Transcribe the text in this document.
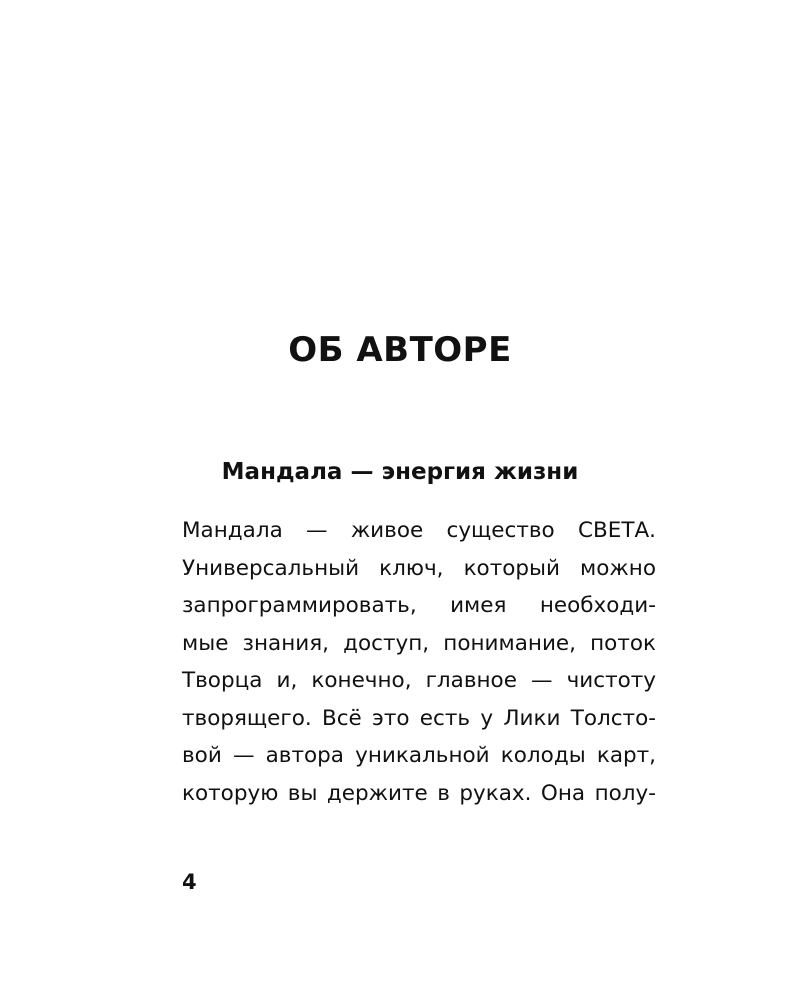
ОБ АВТОРЕ
Мандала — энергия жизни
Мандала — живое существо СВЕТА.
Универсальный ключ, который можно
запрограммировать, имея необходи-
мые знания, доступ, понимание, поток
Творца и, конечно, главное — чистоту
творящего. Всё это есть у Лики Толсто-
вой — автора уникальной колоды карт,
которую вы держите в руках. Она полу-
4
